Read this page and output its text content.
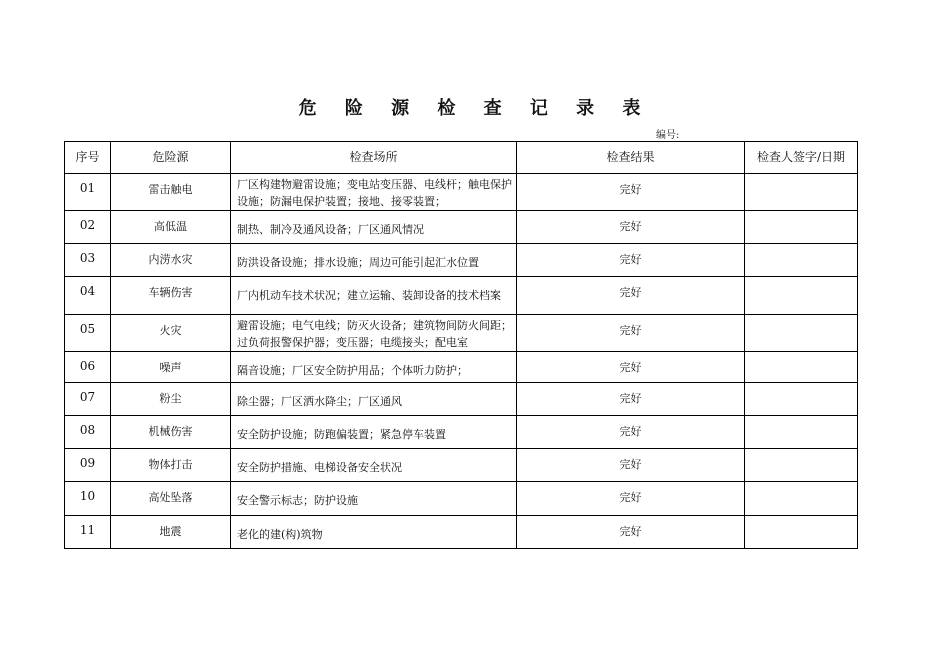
危 险 源 检 查 记 录 表
编号:
序号	危险源	检查场所	检查结果	检查人签字/日期
01	雷击触电	厂区构建物避雷设施；变电站变压器、电线杆；触电保护设施；防漏电保护装置；接地、接零装置；	完好	
02	高低温	制热、制冷及通风设备；厂区通风情况	完好	
03	内涝水灾	防洪设备设施；排水设施；周边可能引起汇水位置	完好	
04	车辆伤害	厂内机动车技术状况；建立运输、装卸设备的技术档案	完好	
05	火灾	避雷设施；电气电线；防灭火设备；建筑物间防火间距；过负荷报警保护器；变压器；电缆接头；配电室	完好	
06	噪声	隔音设施；厂区安全防护用品；个体听力防护；	完好	
07	粉尘	除尘器；厂区洒水降尘；厂区通风	完好	
08	机械伤害	安全防护设施；防跑偏装置；紧急停车装置	完好	
09	物体打击	安全防护措施、电梯设备安全状况	完好	
10	高处坠落	安全警示标志；防护设施	完好	
11	地震	老化的建(构)筑物	完好	
